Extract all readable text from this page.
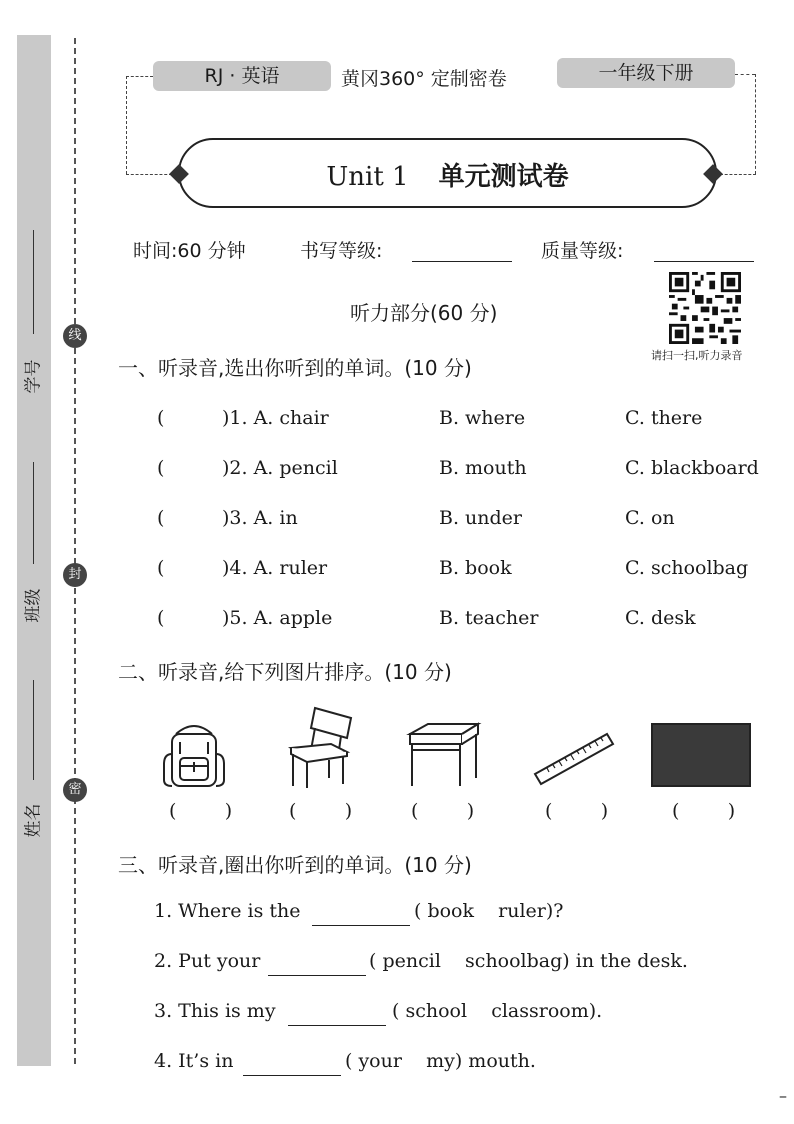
学号
班级
姓名
线
封
密
RJ · 英语	黄冈360° 定制密卷	一年级下册
Unit 1 单元测试卷
时间:60 分钟	书写等级:	质量等级:
请扫一扫,听力录音
听力部分(60 分)
一、听录音,选出你听到的单词。(10 分)
(	)1. A. chair	B. where	C. there
(	)2. A. pencil	B. mouth	C. blackboard
(	)3. A. in	B. under	C. on
(	)4. A. ruler	B. book	C. schoolbag
(	)5. A. apple	B. teacher	C. desk
二、听录音,给下列图片排序。(10 分)
(        )	(        )	(        )	(        )	(        )
三、听录音,圈出你听到的单词。(10 分)
1. Where is the	( book    ruler)?
2. Put your	( pencil    schoolbag) in the desk.
3. This is my	( school    classroom).
4. It’s in	( your    my) mouth.
–
